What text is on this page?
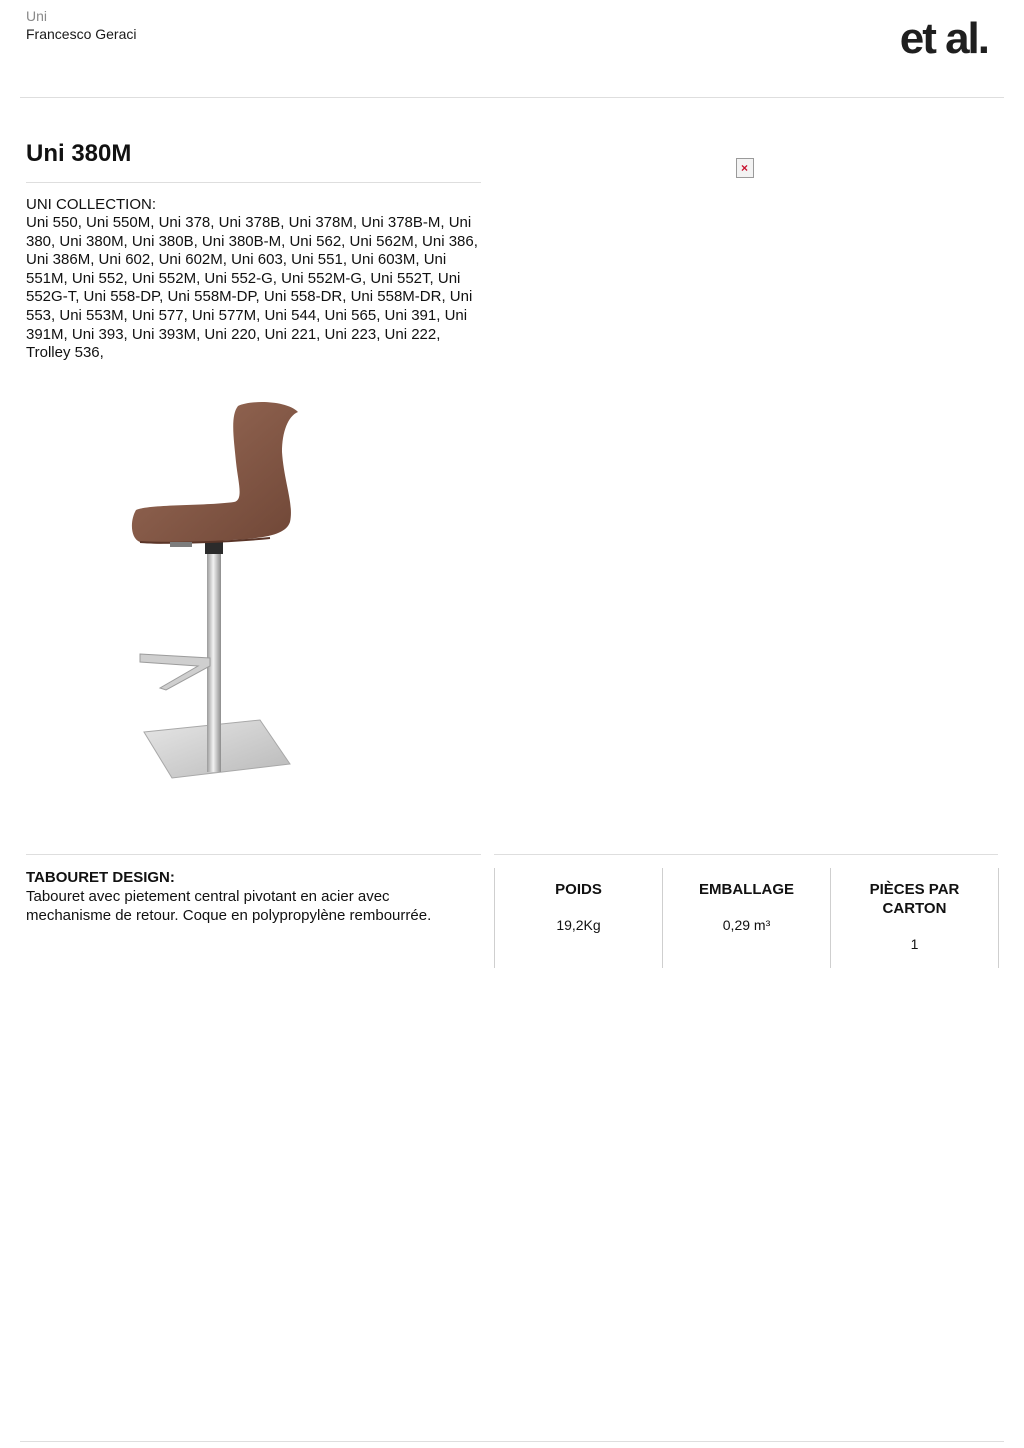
Uni
Francesco Geraci	et al.
Uni 380M
UNI COLLECTION:
Uni 550, Uni 550M, Uni 378, Uni 378B, Uni 378M, Uni 378B-M, Uni 380, Uni 380M, Uni 380B, Uni 380B-M, Uni 562, Uni 562M, Uni 386, Uni 386M, Uni 602, Uni 602M, Uni 603, Uni 551, Uni 603M, Uni 551M, Uni 552, Uni 552M, Uni 552-G, Uni 552M-G, Uni 552T, Uni 552G-T, Uni 558-DP, Uni 558M-DP, Uni 558-DR, Uni 558M-DR, Uni 553, Uni 553M, Uni 577, Uni 577M, Uni 544, Uni 565, Uni 391, Uni 391M, Uni 393, Uni 393M, Uni 220, Uni 221, Uni 223, Uni 222, Trolley 536,
×
TABOURET DESIGN:
Tabouret avec pietement central pivotant en acier avec mechanisme de retour. Coque en polypropylène rembourrée.
POIDS
19,2Kg
EMBALLAGE
0,29 m³
PIÈCES PAR CARTON
1
